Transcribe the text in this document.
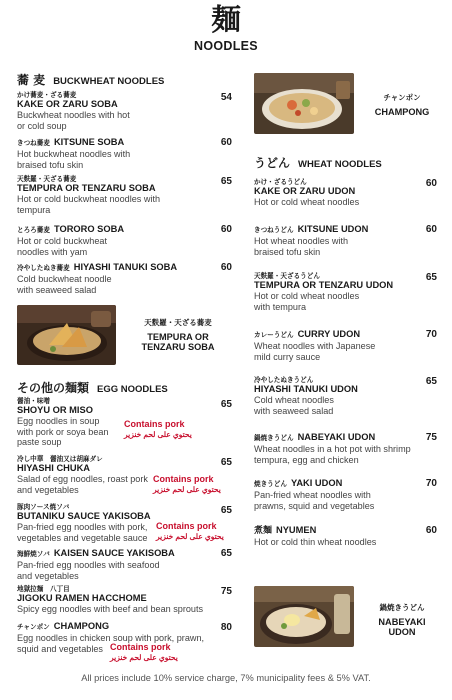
麺
NOODLES
蕎 麦 BUCKWHEAT NOODLES
かけ蕎麦・ざる蕎麦
KAKE OR ZARU SOBA
Buckwheat noodles with hot or cold soup
54
きつね蕎麦 KITSUNE SOBA
Hot buckwheat noodles with braised tofu skin
60
天麩羅・天ざる蕎麦
TEMPURA OR TENZARU SOBA
Hot or cold buckwheat noodles with tempura
65
とろろ蕎麦 TORORO SOBA
Hot or cold buckwheat noodles with yam
60
冷やしたぬき蕎麦 HIYASHI TANUKI SOBA
Cold buckwheat noodle with seaweed salad
60
天麩羅・天ざる蕎麦
TEMPURA OR TENZARU SOBA
その他の麺類 EGG NOODLES
醤油・味噌
SHOYU OR MISO
Egg noodles in soup with pork or soya bean paste soup
Contains pork
يحتوي على لحم خنزير
65
冷し中華　醤油又は胡麻ダレ
HIYASHI CHUKA
Salad of egg noodles, roast pork and vegetables
Contains pork
يحتوي على لحم خنزير
65
豚肉ソース焼ソバ
BUTANIKU SAUCE YAKISOBA
Pan-fried egg noodles with pork, vegetables and vegetable sauce
Contains pork
يحتوي على لحم خنزير
65
海鮮焼ソバ KAISEN SAUCE YAKISOBA
Pan-fried egg noodles with seafood and vegetables
65
地獄拉麺　八丁目
JIGOKU RAMEN HACCHOME
Spicy egg noodles with beef and bean sprouts
75
チャンポン CHAMPONG
Egg noodles in chicken soup with pork, prawn, squid and vegetables Contains pork
يحتوي على لحم خنزير
80
チャンポン
CHAMPONG
うどん WHEAT NOODLES
かけ・ざるうどん
KAKE OR ZARU UDON
Hot or cold wheat noodles
60
きつねうどん KITSUNE UDON
Hot wheat noodles with braised tofu skin
60
天麩羅・天ざるうどん
TEMPURA OR TENZARU UDON
Hot or cold wheat noodles with tempura
65
カレーうどん CURRY UDON
Wheat noodles with Japanese mild curry sauce
70
冷やしたぬきうどん
HIYASHI TANUKI UDON
Cold wheat noodles with seaweed salad
65
鍋焼きうどん NABEYAKI UDON
Wheat noodles in a hot pot with shrimp tempura, egg and chicken
75
焼きうどん YAKI UDON
Pan-fried wheat noodles with prawns, squid and vegetables
70
煮麺 NYUMEN
Hot or cold thin wheat noodles
60
鍋焼きうどん
NABEYAKI UDON
All prices include 10% service charge, 7% municipality fees & 5% VAT.
